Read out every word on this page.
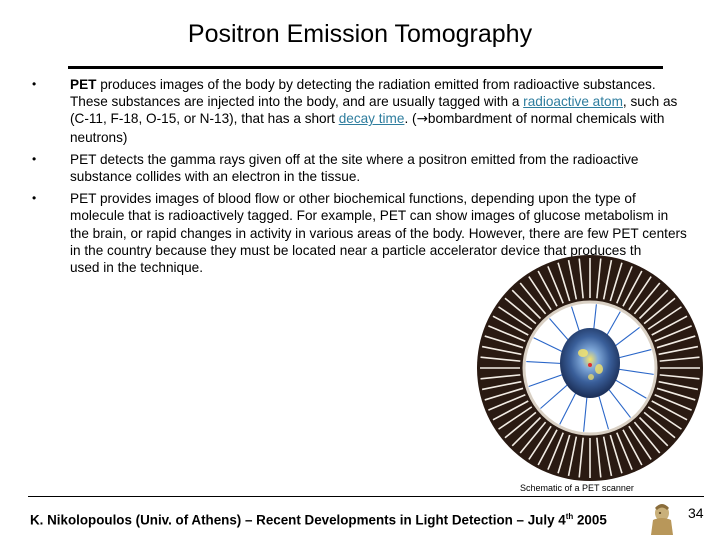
Positron Emission Tomography
• PET produces images of the body by detecting the radiation emitted from radioactive substances. These substances are injected into the body, and are usually tagged with a radioactive atom, such as (C-11, F-18, O-15, or N-13), that has a short decay time. (→bombardment of normal chemicals with neutrons)
• PET detects the gamma rays given off at the site where a positron emitted from the radioactive substance collides with an electron in the tissue.
• PET provides images of blood flow or other biochemical functions, depending upon the type of molecule that is radioactively tagged. For example, PET can show images of glucose metabolism in the brain, or rapid changes in activity in various areas of the body. However, there are few PET centers in the country because they must be located near a particle accelerator device that produces th
used in the technique.
Schematic of a PET scanner
K. Nikolopoulos (Univ. of Athens) – Recent Developments in Light Detection – July 4th 2005	34
